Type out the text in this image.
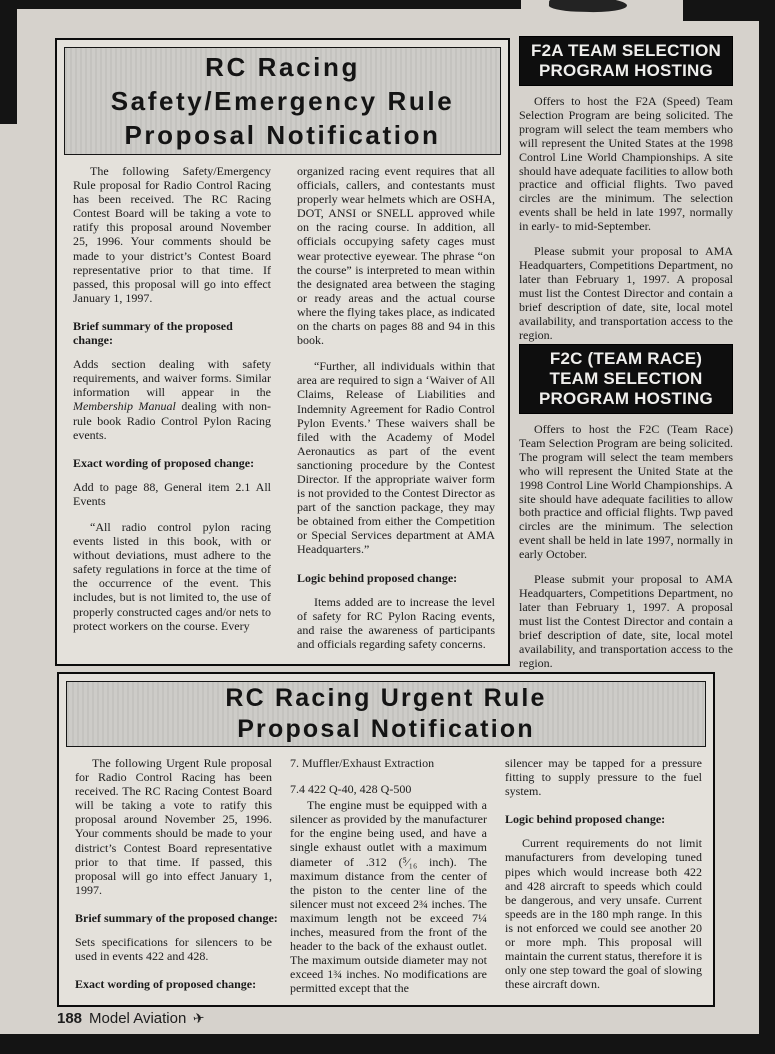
RC Racing
Safety/Emergency Rule
Proposal Notification

The following Safety/Emergency Rule proposal for Radio Control Racing has been received. The RC Racing Contest Board will be taking a vote to ratify this proposal around November 25, 1996. Your comments should be made to your district’s Contest Board representative prior to that time. If passed, this proposal will go into effect January 1, 1997.

Brief summary of the proposed change:

Adds section dealing with safety requirements, and waiver forms. Similar information will appear in the Membership Manual dealing with non-rule book Radio Control Pylon Racing events.

Exact wording of proposed change:

Add to page 88, General item 2.1 All Events

“All radio control pylon racing events listed in this book, with or without deviations, must adhere to the safety regulations in force at the time of the occurrence of the event. This includes, but is not limited to, the use of properly constructed cages and/or nets to protect workers on the course. Every

organized racing event requires that all officials, callers, and contestants must properly wear helmets which are OSHA, DOT, ANSI or SNELL approved while on the racing course. In addition, all officials occupying safety cages must wear protective eyewear. The phrase “on the course” is interpreted to mean within the designated area between the staging or ready areas and the actual course where the flying takes place, as indicated on the charts on pages 88 and 94 in this book.

“Further, all individuals within that area are required to sign a ‘Waiver of All Claims, Release of Liabilities and Indemnity Agreement for Radio Control Pylon Events.’ These waivers shall be filed with the Academy of Model Aeronautics as part of the event sanctioning procedure by the Contest Director. If the appropriate waiver form is not provided to the Contest Director as part of the sanction package, they may be obtained from either the Competition or Special Services department at AMA Headquarters.”

Logic behind proposed change:

Items added are to increase the level of safety for RC Pylon Racing events, and raise the awareness of participants and officials regarding safety concerns.

F2A TEAM SELECTION
PROGRAM HOSTING

Offers to host the F2A (Speed) Team Selection Program are being solicited. The program will select the team members who will represent the United States at the 1998 Control Line World Championships. A site should have adequate facilities to allow both practice and official flights. Two paved circles are the minimum. The selection events shall be held in late 1997, normally in early- to mid-September.

Please submit your proposal to AMA Headquarters, Competitions Department, no later than February 1, 1997. A proposal must list the Contest Director and contain a brief description of date, site, local motel availability, and transportation access to the region.

F2C (TEAM RACE)
TEAM SELECTION
PROGRAM HOSTING

Offers to host the F2C (Team Race) Team Selection Program are being solicited. The program will select the team members who will represent the United State at the 1998 Control Line World Championships. A site should have adequate facilities to allow both practice and official flights. Twp paved circles are the minimum. The selection event shall be held in late 1997, normally in early October.

Please submit your proposal to AMA Headquarters, Competitions Department, no later than February 1, 1997. A proposal must list the Contest Director and contain a brief description of date, site, local motel availability, and transportation access to the region.

RC Racing Urgent Rule
Proposal Notification

The following Urgent Rule proposal for Radio Control Racing has been received. The RC Racing Contest Board will be taking a vote to ratify this proposal around November 25, 1996. Your comments should be made to your district’s Contest Board representative prior to that time. If passed, this proposal will go into effect January 1, 1997.

Brief summary of the proposed change:

Sets specifications for silencers to be used in events 422 and 428.

Exact wording of proposed change:

7. Muffler/Exhaust Extraction

7.4 422 Q-40, 428 Q-500

The engine must be equipped with a silencer as provided by the manufacturer for the engine being used, and have a single exhaust outlet with a maximum diameter of .312 (⁵⁄₁₆ inch). The maximum distance from the center of the piston to the center line of the silencer must not exceed 2¾ inches. The maximum length not be exceed 7¼ inches, measured from the front of the header to the back of the exhaust outlet. The maximum outside diameter may not exceed 1¾ inches. No modifications are permitted except that the

silencer may be tapped for a pressure fitting to supply pressure to the fuel system.

Logic behind proposed change:

Current requirements do not limit manufacturers from developing tuned pipes which would increase both 422 and 428 aircraft to speeds which could be dangerous, and very unsafe. Current speeds are in the 180 mph range. In this is not enforced we could see another 20 or more mph. This proposal will maintain the current status, therefore it is only one step toward the goal of slowing these aircraft down.

188 Model Aviation ✈
